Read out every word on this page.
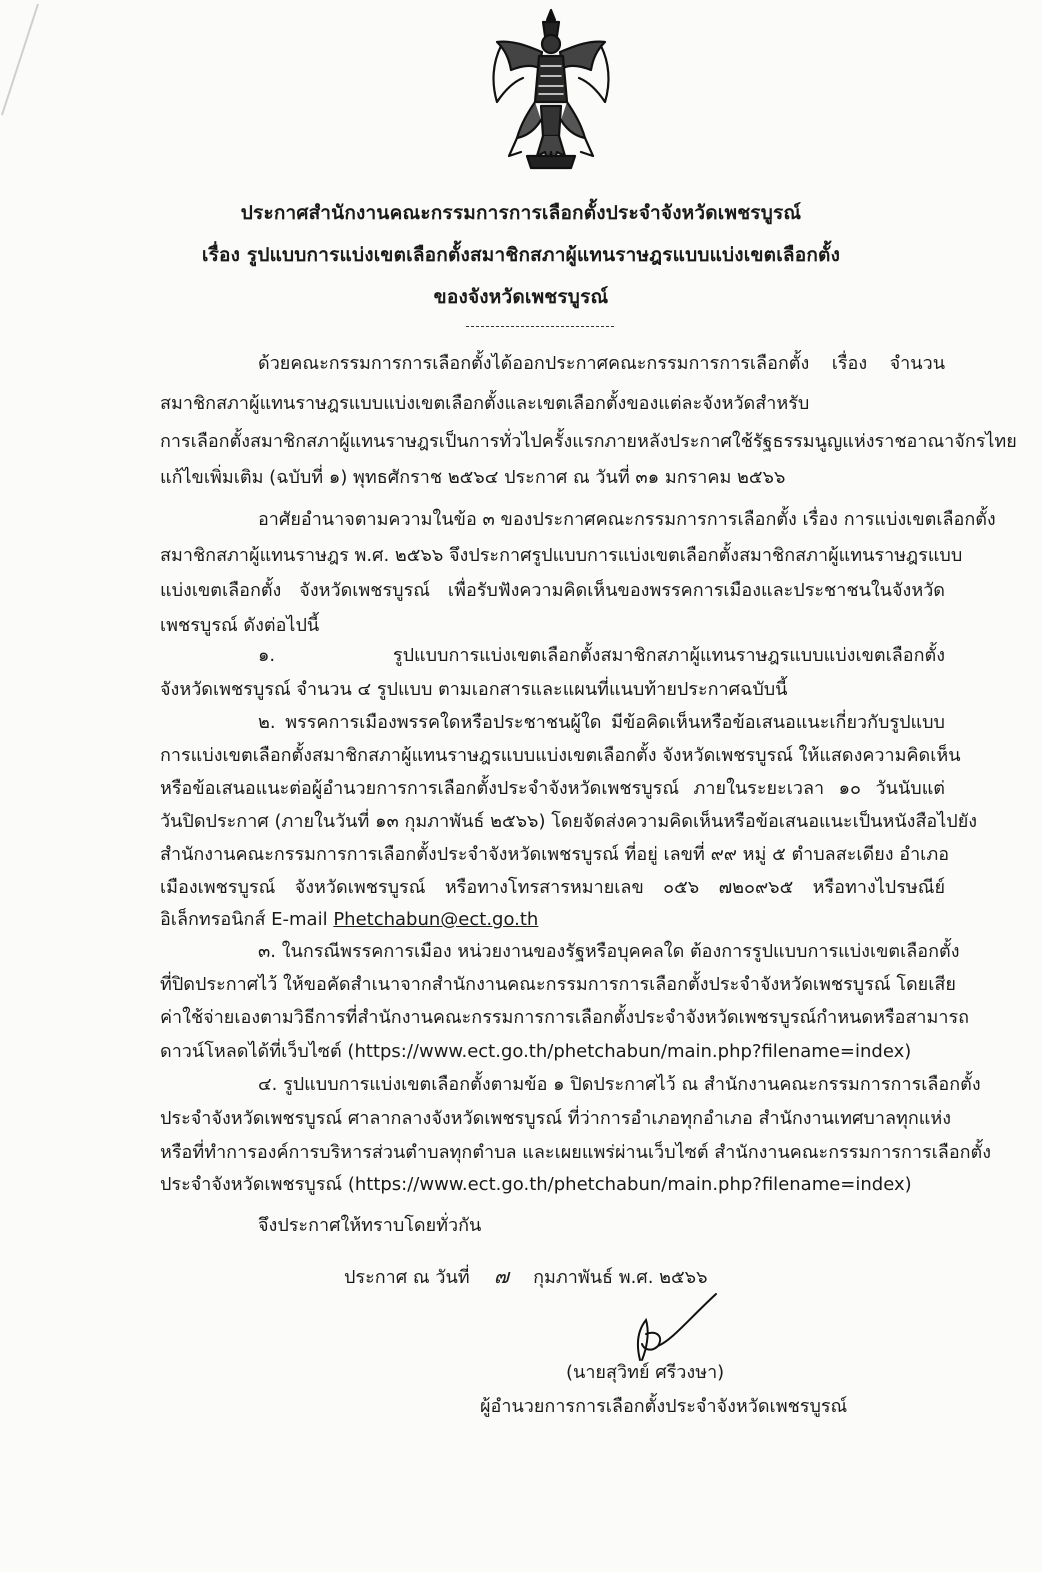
ประกาศสำนักงานคณะกรรมการการเลือกตั้งประจำจังหวัดเพชรบูรณ์
เรื่อง รูปแบบการแบ่งเขตเลือกตั้งสมาชิกสภาผู้แทนราษฎรแบบแบ่งเขตเลือกตั้ง
ของจังหวัดเพชรบูรณ์
ด้วยคณะกรรมการการเลือกตั้งได้ออกประกาศคณะกรรมการการเลือกตั้ง เรื่อง จำนวน
สมาชิกสภาผู้แทนราษฎรแบบแบ่งเขตเลือกตั้งและเขตเลือกตั้งของแต่ละจังหวัดสำหรับ
การเลือกตั้งสมาชิกสภาผู้แทนราษฎรเป็นการทั่วไปครั้งแรกภายหลังประกาศใช้รัฐธรรมนูญแห่งราชอาณาจักรไทย
แก้ไขเพิ่มเติม (ฉบับที่ ๑) พุทธศักราช ๒๕๖๔ ประกาศ ณ วันที่ ๓๑ มกราคม ๒๕๖๖
อาศัยอำนาจตามความในข้อ ๓ ของประกาศคณะกรรมการการเลือกตั้ง เรื่อง การแบ่งเขตเลือกตั้ง
สมาชิกสภาผู้แทนราษฎร พ.ศ. ๒๕๖๖ จึงประกาศรูปแบบการแบ่งเขตเลือกตั้งสมาชิกสภาผู้แทนราษฎรแบบ
แบ่งเขตเลือกตั้ง จังหวัดเพชรบูรณ์ เพื่อรับฟังความคิดเห็นของพรรคการเมืองและประชาชนในจังหวัด
เพชรบูรณ์ ดังต่อไปนี้
๑. รูปแบบการแบ่งเขตเลือกตั้งสมาชิกสภาผู้แทนราษฎรแบบแบ่งเขตเลือกตั้ง
จังหวัดเพชรบูรณ์ จำนวน ๔ รูปแบบ ตามเอกสารและแผนที่แนบท้ายประกาศฉบับนี้
๒. พรรคการเมืองพรรคใดหรือประชาชนผู้ใด มีข้อคิดเห็นหรือข้อเสนอแนะเกี่ยวกับรูปแบบ
การแบ่งเขตเลือกตั้งสมาชิกสภาผู้แทนราษฎรแบบแบ่งเขตเลือกตั้ง จังหวัดเพชรบูรณ์ ให้แสดงความคิดเห็น
หรือข้อเสนอแนะต่อผู้อำนวยการการเลือกตั้งประจำจังหวัดเพชรบูรณ์ ภายในระยะเวลา ๑๐ วันนับแต่
วันปิดประกาศ (ภายในวันที่ ๑๓ กุมภาพันธ์ ๒๕๖๖) โดยจัดส่งความคิดเห็นหรือข้อเสนอแนะเป็นหนังสือไปยัง
สำนักงานคณะกรรมการการเลือกตั้งประจำจังหวัดเพชรบูรณ์ ที่อยู่ เลขที่ ๙๙ หมู่ ๕ ตำบลสะเดียง อำเภอ
เมืองเพชรบูรณ์ จังหวัดเพชรบูรณ์ หรือทางโทรสารหมายเลข ๐๕๖ ๗๒๐๙๖๕ หรือทางไปรษณีย์
อิเล็กทรอนิกส์ E-mail Phetchabun@ect.go.th
๓. ในกรณีพรรคการเมือง หน่วยงานของรัฐหรือบุคคลใด ต้องการรูปแบบการแบ่งเขตเลือกตั้ง
ที่ปิดประกาศไว้ ให้ขอคัดสำเนาจากสำนักงานคณะกรรมการการเลือกตั้งประจำจังหวัดเพชรบูรณ์ โดยเสีย
ค่าใช้จ่ายเองตามวิธีการที่สำนักงานคณะกรรมการการเลือกตั้งประจำจังหวัดเพชรบูรณ์กำหนดหรือสามารถ
ดาวน์โหลดได้ที่เว็บไซต์ (https://www.ect.go.th/phetchabun/main.php?filename=index)
๔. รูปแบบการแบ่งเขตเลือกตั้งตามข้อ ๑ ปิดประกาศไว้ ณ สำนักงานคณะกรรมการการเลือกตั้ง
ประจำจังหวัดเพชรบูรณ์ ศาลากลางจังหวัดเพชรบูรณ์ ที่ว่าการอำเภอทุกอำเภอ สำนักงานเทศบาลทุกแห่ง
หรือที่ทำการองค์การบริหารส่วนตำบลทุกตำบล และเผยแพร่ผ่านเว็บไซต์ สำนักงานคณะกรรมการการเลือกตั้ง
ประจำจังหวัดเพชรบูรณ์ (https://www.ect.go.th/phetchabun/main.php?filename=index)
จึงประกาศให้ทราบโดยทั่วกัน
ประกาศ ณ วันที่ ๗ กุมภาพันธ์ พ.ศ. ๒๕๖๖
(นายสุวิทย์ ศรีวงษา)
ผู้อำนวยการการเลือกตั้งประจำจังหวัดเพชรบูรณ์
